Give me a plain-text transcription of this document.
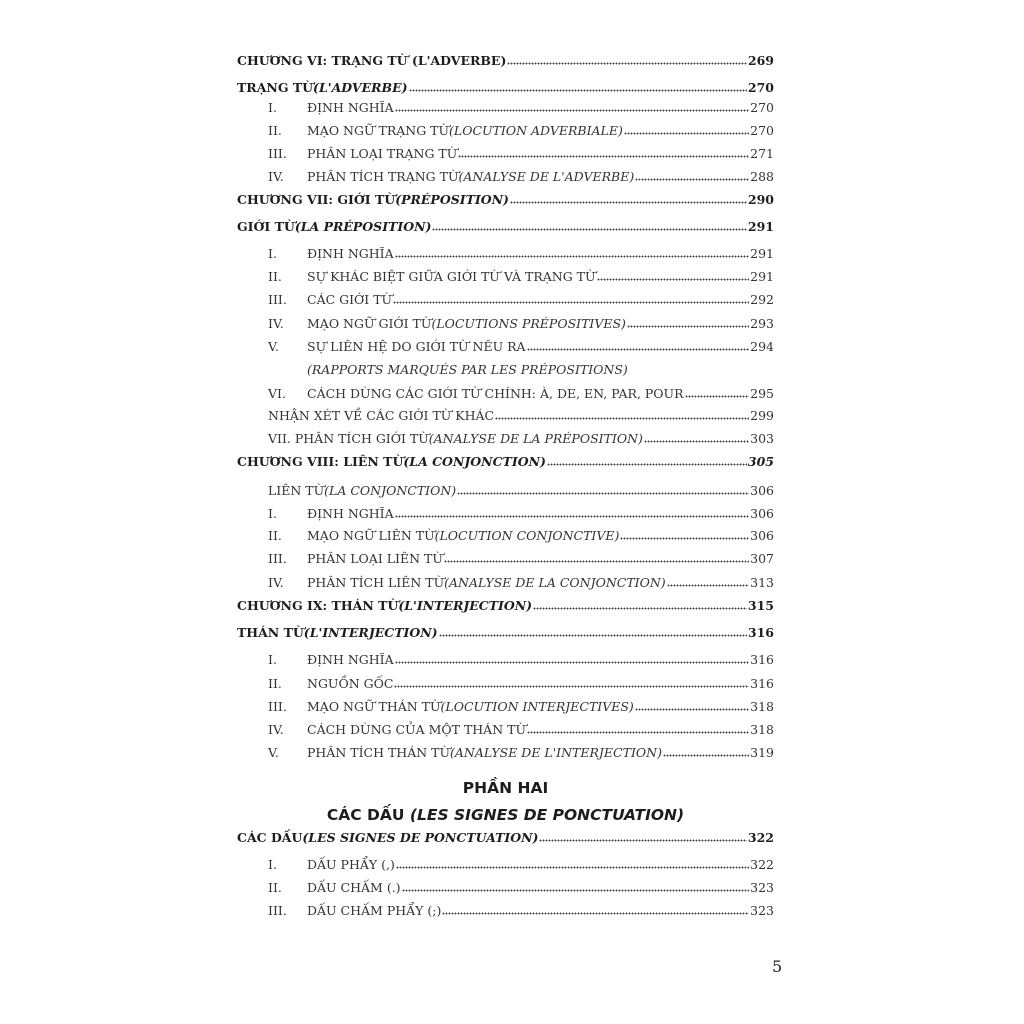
CHƯƠNG VI: TRẠNG TỪ (L'ADVERBE)	269
TRẠNG TỪ (L'ADVERBE)	270
I.	ĐỊNH NGHĨA	270
II.	MẠO NGỮ TRẠNG TỪ (LOCUTION ADVERBIALE)	270
III.	PHÂN LOẠI TRẠNG TỪ	271
IV.	PHÂN TÍCH TRẠNG TỪ (ANALYSE DE L'ADVERBE)	288
CHƯƠNG VII: GIỚI TỪ (PRÉPOSITION)	290
GIỚI TỪ (LA PRÉPOSITION)	291
I.	ĐỊNH NGHĨA	291
II.	SỰ KHÁC BIỆT GIỮA GIỚI TỪ VÀ TRẠNG TỪ	291
III.	CÁC GIỚI TỪ	292
IV.	MẠO NGỮ GIỚI TỪ (LOCUTIONS PRÉPOSITIVES)	293
V.	SỰ LIÊN HỆ DO GIỚI TỪ NÊU RA	294
(RAPPORTS MARQUÉS PAR LES PRÉPOSITIONS)
VI.	CÁCH DÙNG CÁC GIỚI TỪ CHÍNH: À, DE, EN, PAR, POUR	295
NHẬN XÉT VỀ CÁC GIỚI TỪ KHÁC	299
VII. PHÂN TÍCH GIỚI TỪ (ANALYSE DE LA PRÉPOSITION)	303
CHƯƠNG VIII: LIÊN TỪ (LA CONJONCTION)	305
LIÊN TỪ (LA CONJONCTION)	306
I.	ĐỊNH NGHĨA	306
II.	MẠO NGỮ LIÊN TỪ (LOCUTION CONJONCTIVE)	306
III.	PHÂN LOẠI LIÊN TỪ	307
IV.	PHÂN TÍCH LIÊN TỪ (ANALYSE DE LA CONJONCTION)	313
CHƯƠNG IX: THÁN TỪ (L'INTERJECTION)	315
THÁN TỪ (L'INTERJECTION)	316
I.	ĐỊNH NGHĨA	316
II.	NGUỒN GỐC	316
III.	MẠO NGỮ THÁN TỪ (LOCUTION INTERJECTIVES)	318
IV.	CÁCH DÙNG CỦA MỘT THÁN TỪ	318
V.	PHÂN TÍCH THÁN TỪ (ANALYSE DE L'INTERJECTION)	319
CÁC DẤU (LES SIGNES DE PONCTUATION)	322
I.	DẤU PHẨY (,)	322
II.	DẤU CHẤM (.)	323
III.	DẤU CHẤM PHẨY (;)	323
PHẦN HAI
CÁC DẤU (LES SIGNES DE PONCTUATION)
5
